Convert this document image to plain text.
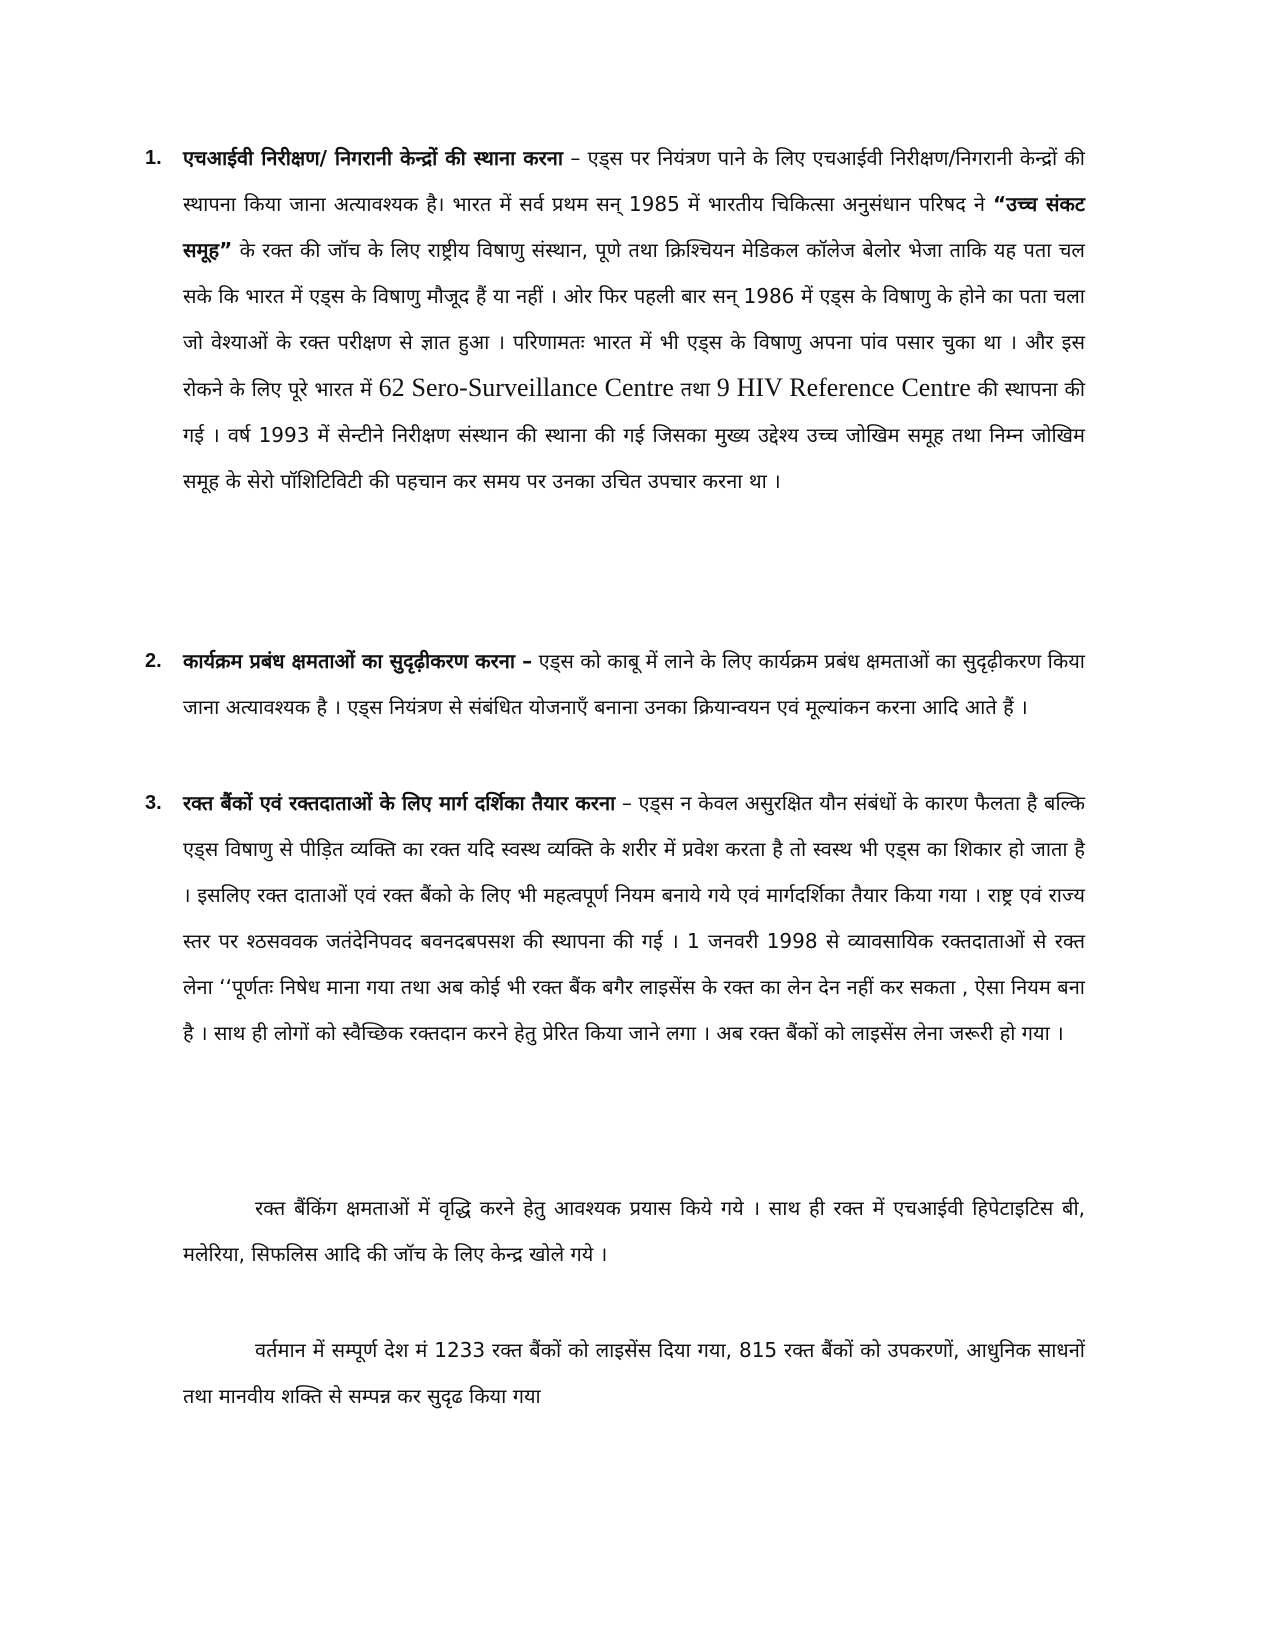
1. एचआईवी निरीक्षण/ निगरानी केन्द्रों की स्थाना करना – एड्स पर नियंत्रण पाने के लिए एचआईवी निरीक्षण/निगरानी केन्द्रों की स्थापना किया जाना अत्यावश्यक है। भारत में सर्व प्रथम सन् 1985 में भारतीय चिकित्सा अनुसंधान परिषद ने “उच्च संकट समूह” के रक्त की जॉच के लिए राष्ट्रीय विषाणु संस्थान, पूणे तथा क्रिश्चियन मेडिकल कॉलेज बेलोर भेजा ताकि यह पता चल सके कि भारत में एड्स के विषाणु मौजूद हैं या नहीं । ओर फिर पहली बार सन् 1986 में एड्स के विषाणु के होने का पता चला जो वेश्याओं के रक्त परीक्षण से ज्ञात हुआ । परिणामतः भारत में भी एड्स के विषाणु अपना पांव पसार चुका था । और इस रोकने के लिए पूरे भारत में 62 Sero-Surveillance Centre तथा 9 HIV Reference Centre की स्थापना की गई । वर्ष 1993 में सेन्टीने निरीक्षण संस्थान की स्थाना की गई जिसका मुख्य उद्देश्य उच्च जोखिम समूह तथा निम्न जोखिम समूह के सेरो पॉशिटिविटी की पहचान कर समय पर उनका उचित उपचार करना था ।
2. कार्यक्रम प्रबंध क्षमताओं का सुदृढ़ीकरण करना – एड्स को काबू में लाने के लिए कार्यक्रम प्रबंध क्षमताओं का सुदृढ़ीकरण किया जाना अत्यावश्यक है । एड्स नियंत्रण से संबंधित योजनाएँ बनाना उनका क्रियान्वयन एवं मूल्यांकन करना आदि आते हैं ।
3. रक्त बैंकों एवं रक्तदाताओं के लिए मार्ग दर्शिका तैयार करना – एड्स न केवल असुरक्षित यौन संबंधों के कारण फैलता है बल्कि एड्स विषाणु से पीड़ित व्यक्ति का रक्त यदि स्वस्थ व्यक्ति के शरीर में प्रवेश करता है तो स्वस्थ भी एड्स का शिकार हो जाता है । इसलिए रक्त दाताओं एवं रक्त बैंको के लिए भी महत्वपूर्ण नियम बनाये गये एवं मार्गदर्शिका तैयार किया गया । राष्ट्र एवं राज्य स्तर पर श्ठसववक जतंदेनिपवद बवनदबपसश की स्थापना की गई । 1 जनवरी 1998 से व्यावसायिक रक्तदाताओं से रक्त लेना ‘‘पूर्णतः निषेध माना गया तथा अब कोई भी रक्त बैंक बगैर लाइसेंस के रक्त का लेन देन नहीं कर सकता , ऐसा नियम बना है । साथ ही लोगों को स्वैच्छिक रक्तदान करने हेतु प्रेरित किया जाने लगा । अब रक्त बैंकों को लाइसेंस लेना जरूरी हो गया ।
रक्त बैंकिंग क्षमताओं में वृद्धि करने हेतु आवश्यक प्रयास किये गये । साथ ही रक्त में एचआईवी हिपेटाइटिस बी, मलेरिया, सिफलिस आदि की जॉच के लिए केन्द्र खोले गये ।
वर्तमान में सम्पूर्ण देश मं 1233 रक्त बैंकों को लाइसेंस दिया गया, 815 रक्त बैंकों को उपकरणों, आधुनिक साधनों तथा मानवीय शक्ति से सम्पन्न कर सुदृढ किया गया
